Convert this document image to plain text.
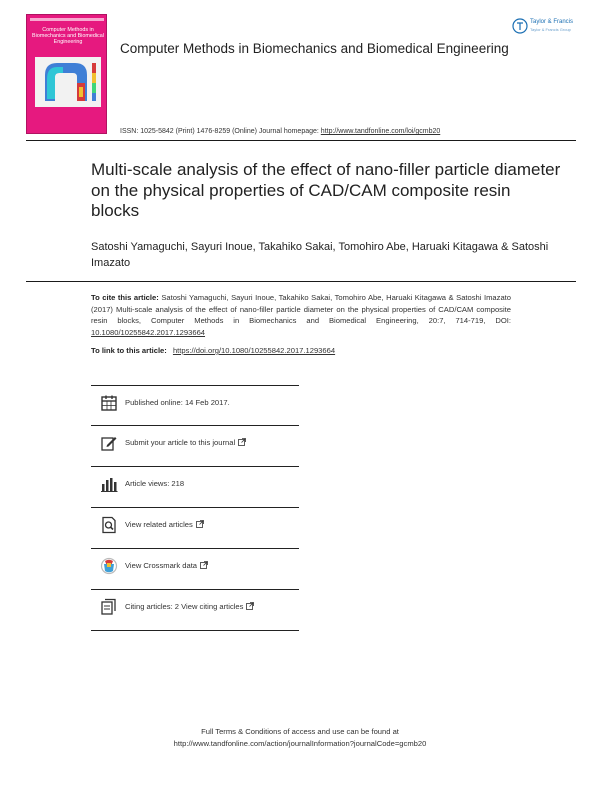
Computer Methods in Biomechanics and Biomedical Engineering	Computer Methods in Biomechanics and Biomedical Engineering
Taylor & Francis
Taylor & Francis Group
ISSN: 1025-5842 (Print) 1476-8259 (Online) Journal homepage: http://www.tandfonline.com/loi/gcmb20
Multi-scale analysis of the effect of nano-filler particle diameter on the physical properties of CAD/CAM composite resin blocks
Satoshi Yamaguchi, Sayuri Inoue, Takahiko Sakai, Tomohiro Abe, Haruaki Kitagawa & Satoshi Imazato
To cite this article: Satoshi Yamaguchi, Sayuri Inoue, Takahiko Sakai, Tomohiro Abe, Haruaki Kitagawa & Satoshi Imazato (2017) Multi-scale analysis of the effect of nano-filler particle diameter on the physical properties of CAD/CAM composite resin blocks, Computer Methods in Biomechanics and Biomedical Engineering, 20:7, 714-719, DOI: 10.1080/10255842.2017.1293664
To link to this article: https://doi.org/10.1080/10255842.2017.1293664
Published online: 14 Feb 2017.
Submit your article to this journal
Article views: 218
View related articles
View Crossmark data
Citing articles: 2 View citing articles
Full Terms & Conditions of access and use can be found at
http://www.tandfonline.com/action/journalInformation?journalCode=gcmb20
